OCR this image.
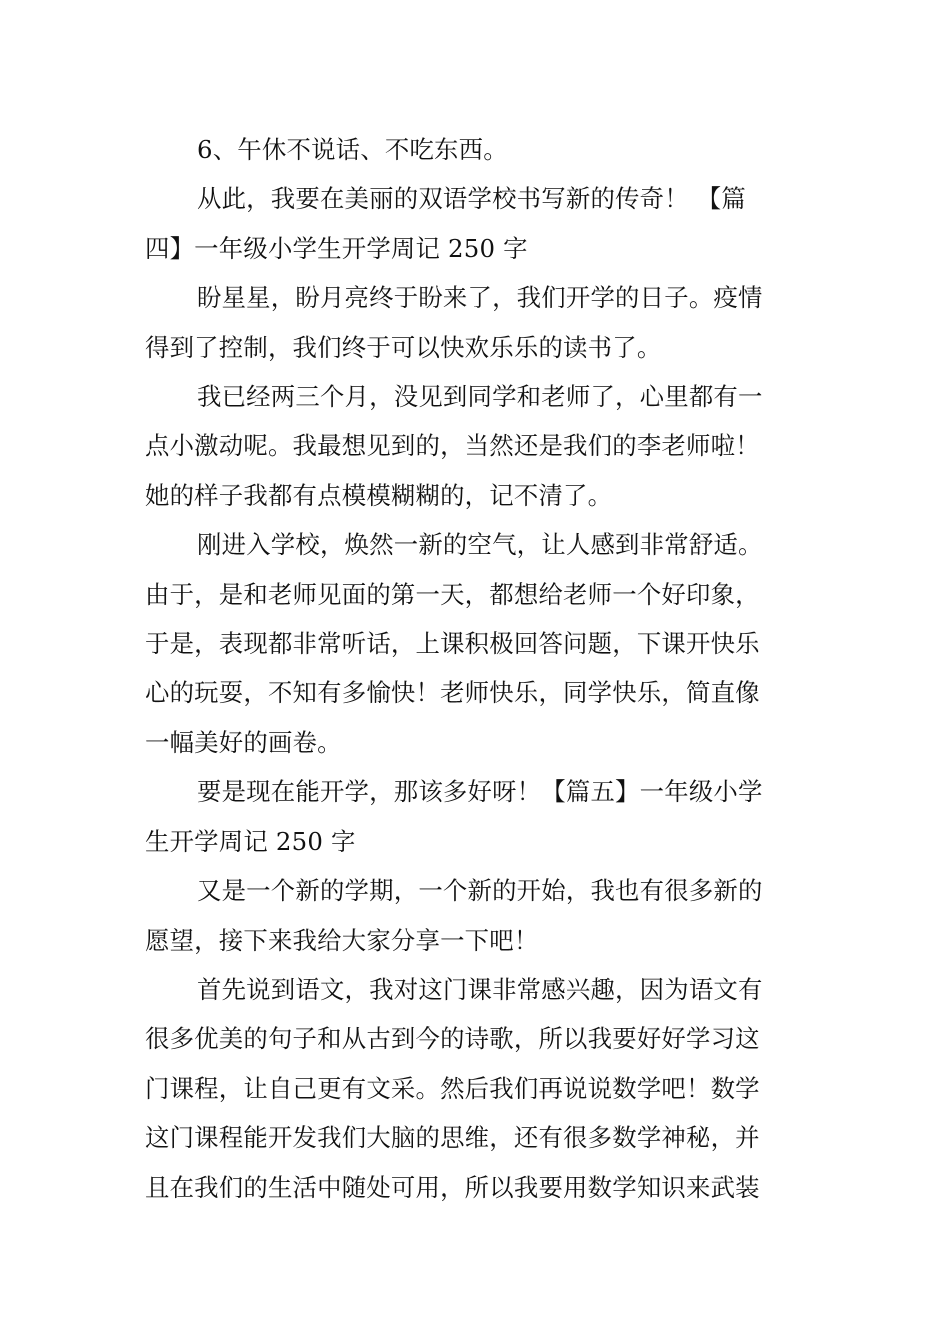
6、午休不说话、不吃东西。
从此，我要在美丽的双语学校书写新的传奇！ 【篇
四】一年级小学生开学周记 250 字
盼星星，盼月亮终于盼来了，我们开学的日子。疫情
得到了控制，我们终于可以快欢乐乐的读书了。
我已经两三个月，没见到同学和老师了，心里都有一
点小激动呢。我最想见到的，当然还是我们的李老师啦！
她的样子我都有点模模糊糊的，记不清了。
刚进入学校，焕然一新的空气，让人感到非常舒适。
由于，是和老师见面的第一天，都想给老师一个好印象，
于是，表现都非常听话，上课积极回答问题，下课开快乐
心的玩耍，不知有多愉快！老师快乐，同学快乐，简直像
一幅美好的画卷。
要是现在能开学，那该多好呀！【篇五】一年级小学
生开学周记 250 字
又是一个新的学期，一个新的开始，我也有很多新的
愿望，接下来我给大家分享一下吧！
首先说到语文，我对这门课非常感兴趣，因为语文有
很多优美的句子和从古到今的诗歌，所以我要好好学习这
门课程，让自己更有文采。然后我们再说说数学吧！数学
这门课程能开发我们大脑的思维，还有很多数学神秘，并
且在我们的生活中随处可用，所以我要用数学知识来武装
